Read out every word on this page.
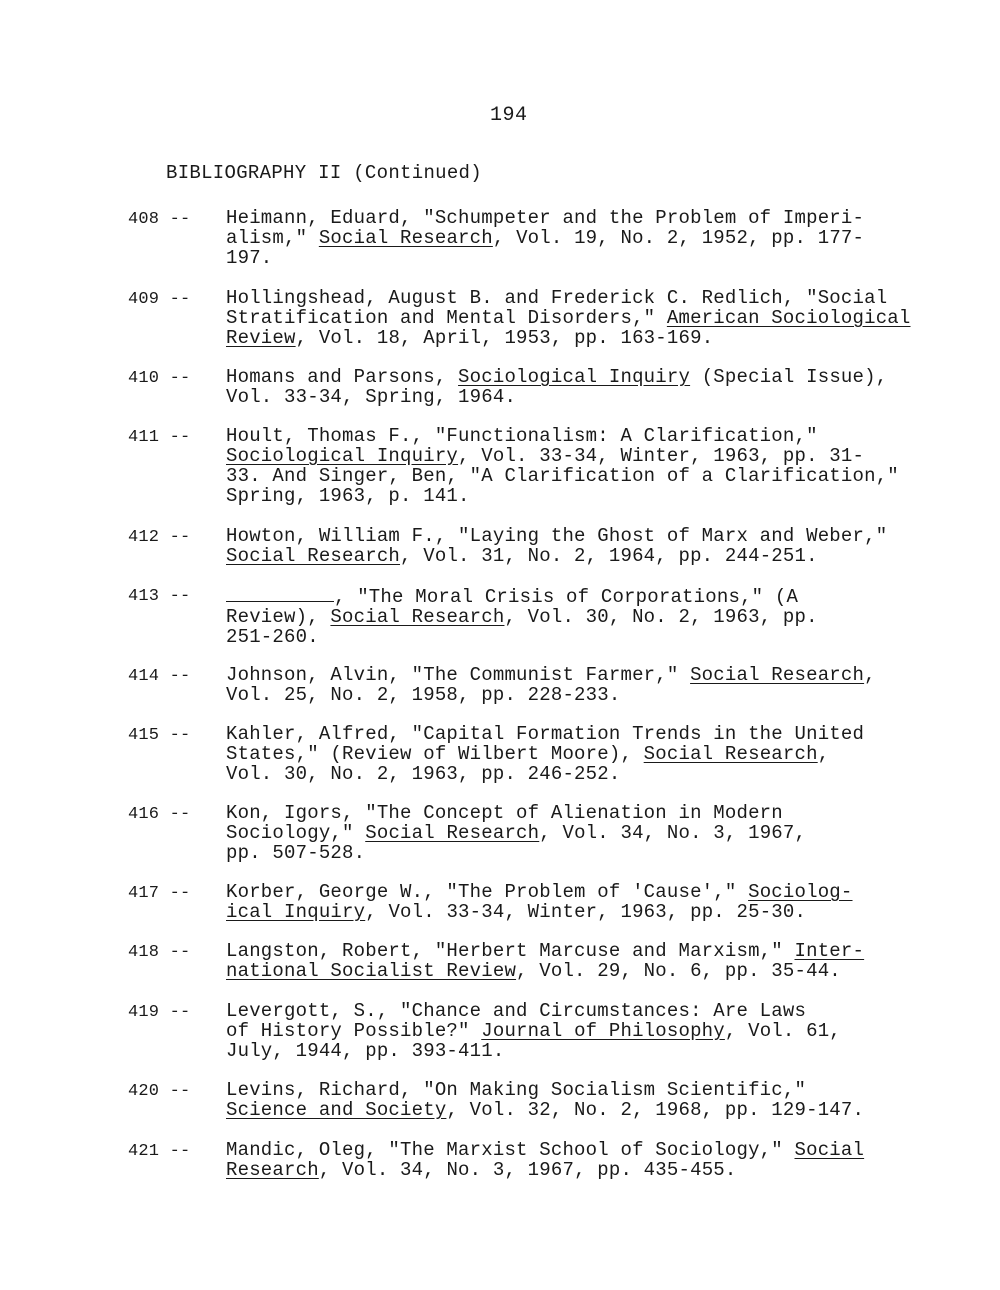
194
BIBLIOGRAPHY II (Continued)
408 -- Heimann, Eduard, "Schumpeter and the Problem of Imperi-
alism," Social Research, Vol. 19, No. 2, 1952, pp. 177-
197.
409 -- Hollingshead, August B. and Frederick C. Redlich, "Social
Stratification and Mental Disorders," American Sociological
Review, Vol. 18, April, 1953, pp. 163-169.
410 -- Homans and Parsons, Sociological Inquiry (Special Issue),
Vol. 33-34, Spring, 1964.
411 -- Hoult, Thomas F., "Functionalism: A Clarification,"
Sociological Inquiry, Vol. 33-34, Winter, 1963, pp. 31-
33. And Singer, Ben, "A Clarification of a Clarification,"
Spring, 1963, p. 141.
412 -- Howton, William F., "Laying the Ghost of Marx and Weber,"
Social Research, Vol. 31, No. 2, 1964, pp. 244-251.
413 --	, "The Moral Crisis of Corporations," (A
Review), Social Research, Vol. 30, No. 2, 1963, pp.
251-260.
414 -- Johnson, Alvin, "The Communist Farmer," Social Research,
Vol. 25, No. 2, 1958, pp. 228-233.
415 -- Kahler, Alfred, "Capital Formation Trends in the United
States," (Review of Wilbert Moore), Social Research,
Vol. 30, No. 2, 1963, pp. 246-252.
416 -- Kon, Igors, "The Concept of Alienation in Modern
Sociology," Social Research, Vol. 34, No. 3, 1967,
pp. 507-528.
417 -- Korber, George W., "The Problem of 'Cause'," Sociolog-
ical Inquiry, Vol. 33-34, Winter, 1963, pp. 25-30.
418 -- Langston, Robert, "Herbert Marcuse and Marxism," Inter-
national Socialist Review, Vol. 29, No. 6, pp. 35-44.
419 -- Levergott, S., "Chance and Circumstances: Are Laws
of History Possible?" Journal of Philosophy, Vol. 61,
July, 1944, pp. 393-411.
420 -- Levins, Richard, "On Making Socialism Scientific,"
Science and Society, Vol. 32, No. 2, 1968, pp. 129-147.
421 -- Mandic, Oleg, "The Marxist School of Sociology," Social
Research, Vol. 34, No. 3, 1967, pp. 435-455.
